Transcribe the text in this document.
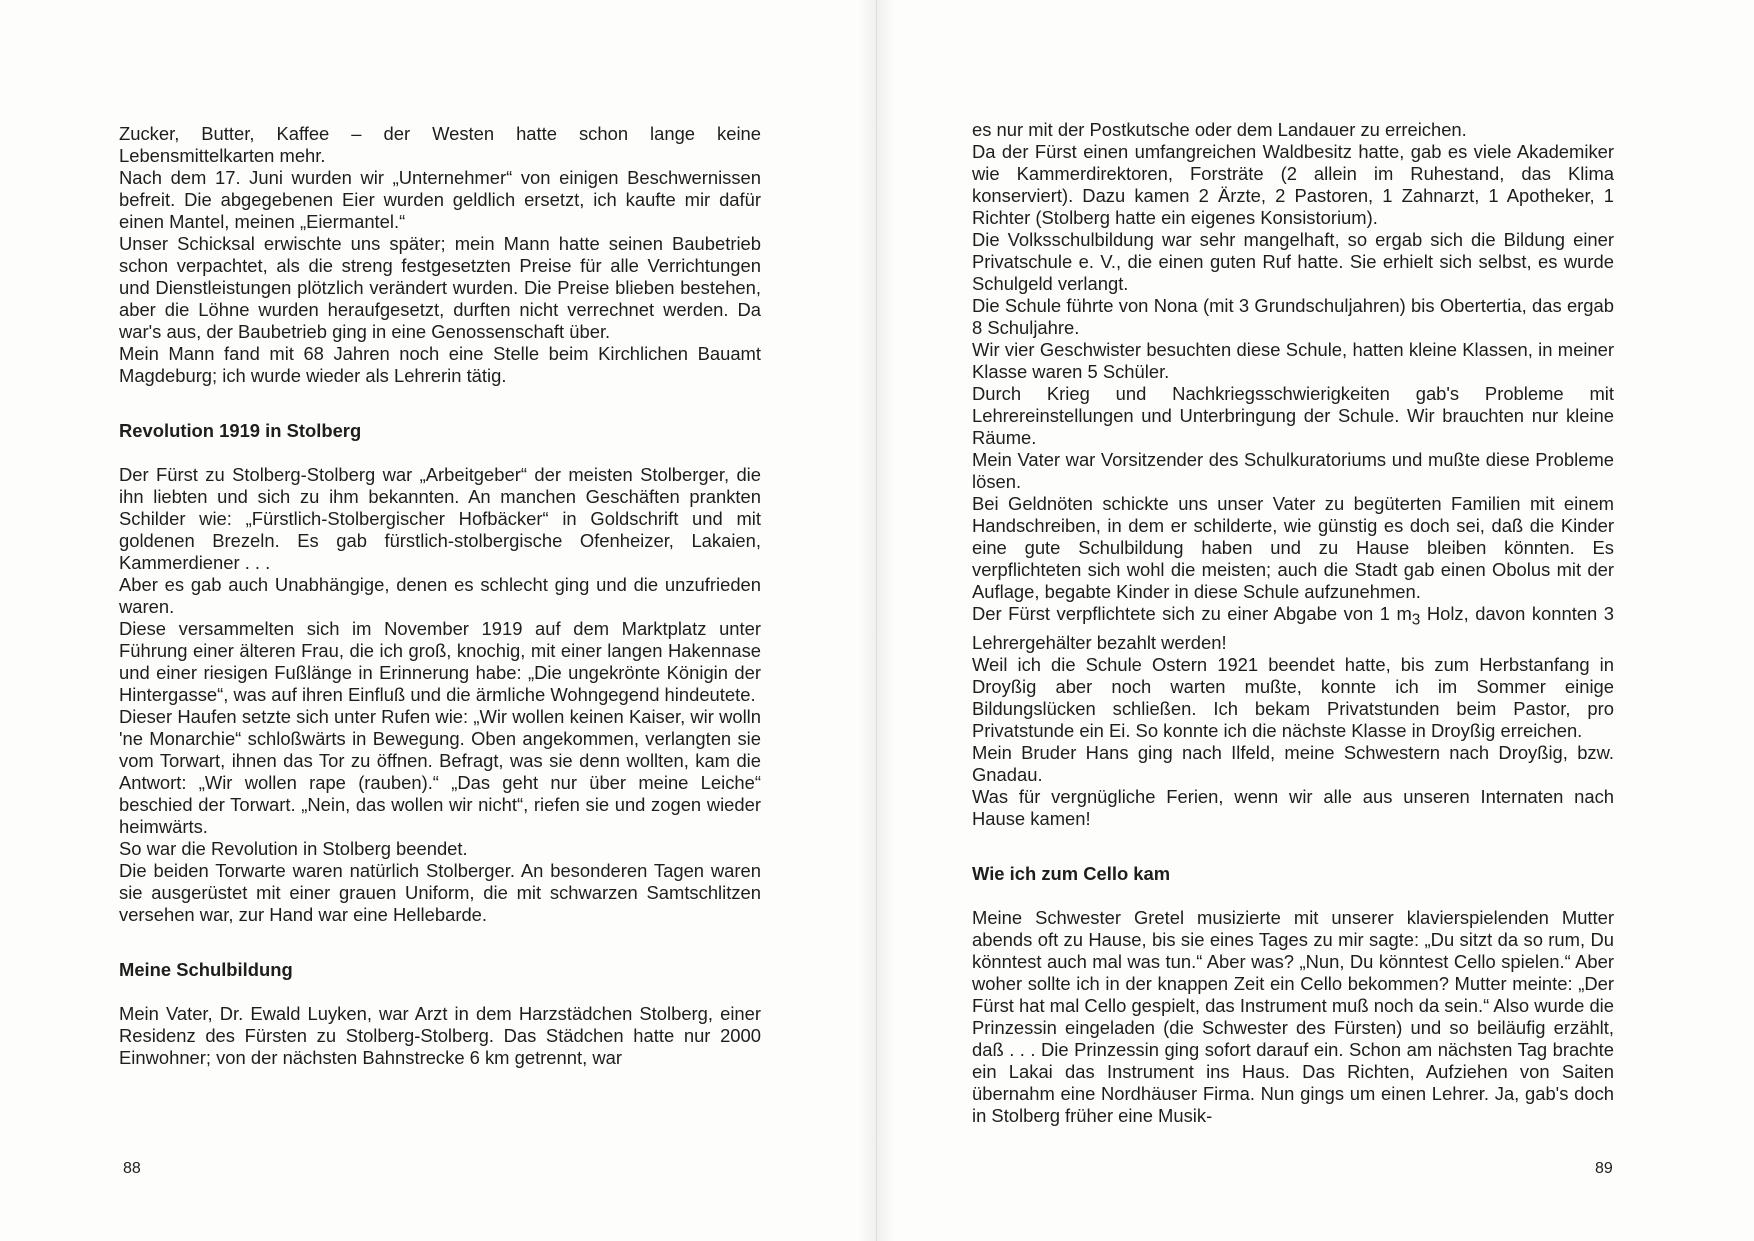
Zucker, Butter, Kaffee – der Westen hatte schon lange keine Lebensmittelkarten mehr.

Nach dem 17. Juni wurden wir „Unternehmer“ von einigen Beschwernissen befreit. Die abgegebenen Eier wurden geldlich ersetzt, ich kaufte mir dafür einen Mantel, meinen „Eiermantel.“

Unser Schicksal erwischte uns später; mein Mann hatte seinen Baubetrieb schon verpachtet, als die streng festgesetzten Preise für alle Verrichtungen und Dienstleistungen plötzlich verändert wurden. Die Preise blieben bestehen, aber die Löhne wurden heraufgesetzt, durften nicht verrechnet werden. Da war's aus, der Baubetrieb ging in eine Genossenschaft über.

Mein Mann fand mit 68 Jahren noch eine Stelle beim Kirchlichen Bauamt Magdeburg; ich wurde wieder als Lehrerin tätig.

Revolution 1919 in Stolberg

Der Fürst zu Stolberg-Stolberg war „Arbeitgeber“ der meisten Stolberger, die ihn liebten und sich zu ihm bekannten. An manchen Geschäften prankten Schilder wie: „Fürstlich-Stolbergischer Hofbäcker“ in Goldschrift und mit goldenen Brezeln. Es gab fürstlich-stolbergische Ofenheizer, Lakaien, Kammerdiener . . .

Aber es gab auch Unabhängige, denen es schlecht ging und die unzufrieden waren.

Diese versammelten sich im November 1919 auf dem Marktplatz unter Führung einer älteren Frau, die ich groß, knochig, mit einer langen Hakennase und einer riesigen Fußlänge in Erinnerung habe: „Die ungekrönte Königin der Hintergasse“, was auf ihren Einfluß und die ärmliche Wohngegend hindeutete.

Dieser Haufen setzte sich unter Rufen wie: „Wir wollen keinen Kaiser, wir wolln 'ne Monarchie“ schloßwärts in Bewegung. Oben angekommen, verlangten sie vom Torwart, ihnen das Tor zu öffnen. Befragt, was sie denn wollten, kam die Antwort: „Wir wollen rape (rauben).“ „Das geht nur über meine Leiche“ beschied der Torwart. „Nein, das wollen wir nicht“, riefen sie und zogen wieder heimwärts.

So war die Revolution in Stolberg beendet.

Die beiden Torwarte waren natürlich Stolberger. An besonderen Tagen waren sie ausgerüstet mit einer grauen Uniform, die mit schwarzen Samtschlitzen versehen war, zur Hand war eine Hellebarde.

Meine Schulbildung

Mein Vater, Dr. Ewald Luyken, war Arzt in dem Harzstädchen Stolberg, einer Residenz des Fürsten zu Stolberg-Stolberg. Das Städchen hatte nur 2000 Einwohner; von der nächsten Bahnstrecke 6 km getrennt, war

88

es nur mit der Postkutsche oder dem Landauer zu erreichen.

Da der Fürst einen umfangreichen Waldbesitz hatte, gab es viele Akademiker wie Kammerdirektoren, Forsträte (2 allein im Ruhestand, das Klima konserviert). Dazu kamen 2 Ärzte, 2 Pastoren, 1 Zahnarzt, 1 Apotheker, 1 Richter (Stolberg hatte ein eigenes Konsistorium).

Die Volksschulbildung war sehr mangelhaft, so ergab sich die Bildung einer Privatschule e. V., die einen guten Ruf hatte. Sie erhielt sich selbst, es wurde Schulgeld verlangt.

Die Schule führte von Nona (mit 3 Grundschuljahren) bis Obertertia, das ergab 8 Schuljahre.

Wir vier Geschwister besuchten diese Schule, hatten kleine Klassen, in meiner Klasse waren 5 Schüler.

Durch Krieg und Nachkriegsschwierigkeiten gab's Probleme mit Lehrereinstellungen und Unterbringung der Schule. Wir brauchten nur kleine Räume.

Mein Vater war Vorsitzender des Schulkuratoriums und mußte diese Probleme lösen.

Bei Geldnöten schickte uns unser Vater zu begüterten Familien mit einem Handschreiben, in dem er schilderte, wie günstig es doch sei, daß die Kinder eine gute Schulbildung haben und zu Hause bleiben könnten. Es verpflichteten sich wohl die meisten; auch die Stadt gab einen Obolus mit der Auflage, begabte Kinder in diese Schule aufzunehmen.

Der Fürst verpflichtete sich zu einer Abgabe von 1 $m_3$ Holz, davon konnten 3 Lehrergehälter bezahlt werden!

Weil ich die Schule Ostern 1921 beendet hatte, bis zum Herbstanfang in Droyßig aber noch warten mußte, konnte ich im Sommer einige Bildungslücken schließen. Ich bekam Privatstunden beim Pastor, pro Privatstunde ein Ei. So konnte ich die nächste Klasse in Droyßig erreichen.

Mein Bruder Hans ging nach Ilfeld, meine Schwestern nach Droyßig, bzw. Gnadau.

Was für vergnügliche Ferien, wenn wir alle aus unseren Internaten nach Hause kamen!

Wie ich zum Cello kam

Meine Schwester Gretel musizierte mit unserer klavierspielenden Mutter abends oft zu Hause, bis sie eines Tages zu mir sagte: „Du sitzt da so rum, Du könntest auch mal was tun.“ Aber was? „Nun, Du könntest Cello spielen.“ Aber woher sollte ich in der knappen Zeit ein Cello bekommen? Mutter meinte: „Der Fürst hat mal Cello gespielt, das Instrument muß noch da sein.“ Also wurde die Prinzessin eingeladen (die Schwester des Fürsten) und so beiläufig erzählt, daß . . . Die Prinzessin ging sofort darauf ein. Schon am nächsten Tag brachte ein Lakai das Instrument ins Haus. Das Richten, Aufziehen von Saiten übernahm eine Nordhäuser Firma. Nun gings um einen Lehrer. Ja, gab's doch in Stolberg früher eine Musik-

89
